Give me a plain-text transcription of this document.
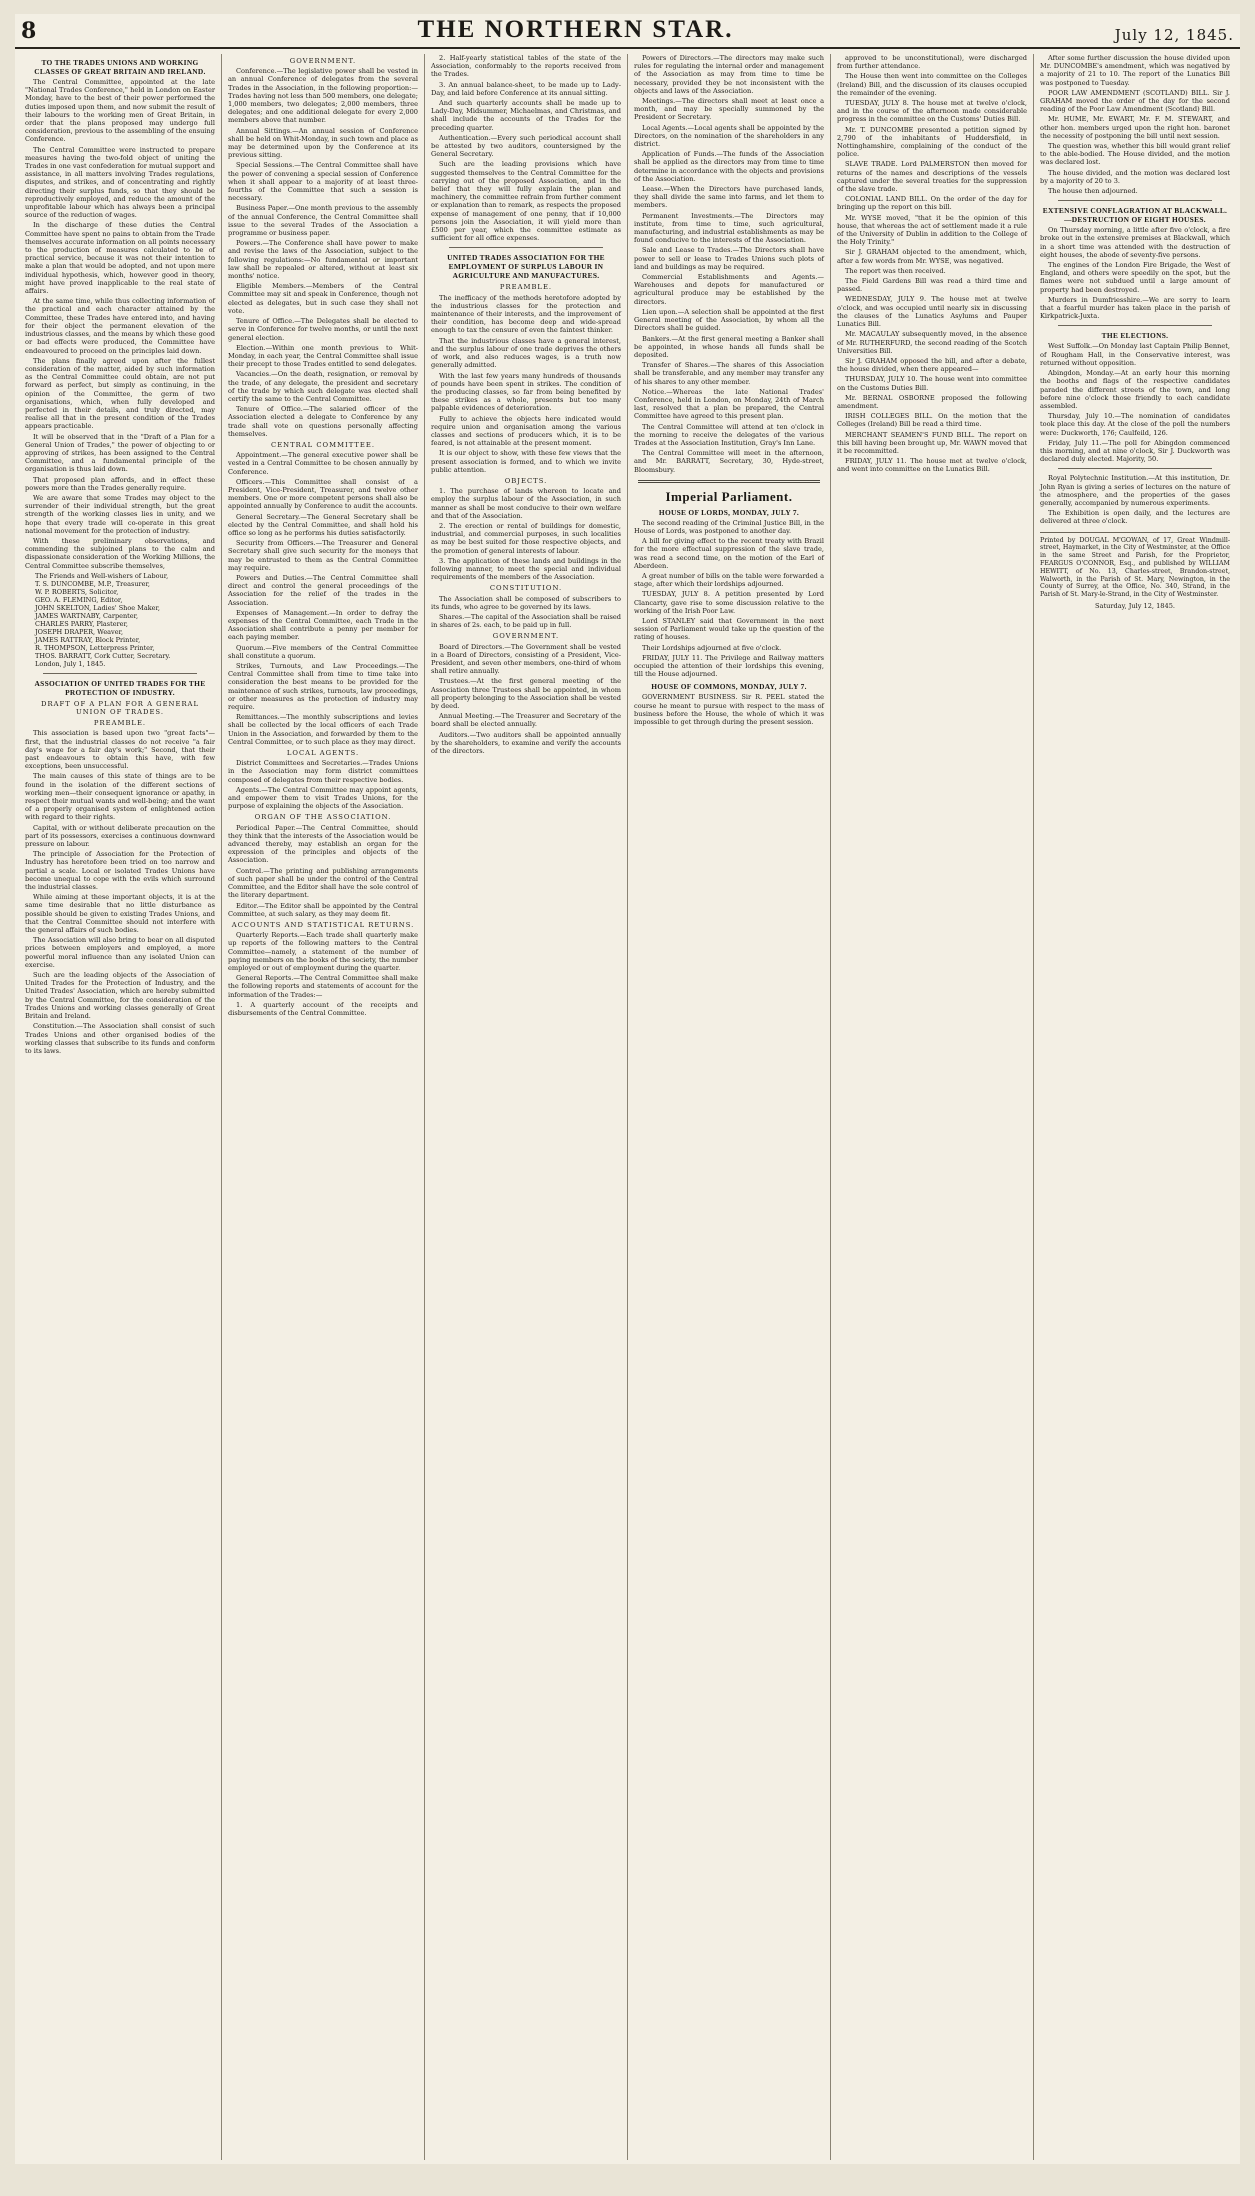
8	THE NORTHERN STAR.	July 12, 1845.
TO THE TRADES UNIONS AND WORKING CLASSES OF GREAT BRITAIN AND IRELAND.

The Central Committee, appointed at the late "National Trades Conference," held in London on Easter Monday, have to the best of their power performed the duties imposed upon them, and now submit the result of their labours to the working men of Great Britain, in order that the plans proposed may undergo full consideration, previous to the assembling of the ensuing Conference.

The Central Committee were instructed to prepare measures having the two-fold object of uniting the Trades in one vast confederation for mutual support and assistance, in all matters involving Trades regulations, disputes, and strikes, and of concentrating and rightly directing their surplus funds, so that they should be reproductively employed, and reduce the amount of the unprofitable labour which has always been a principal source of the reduction of wages.

In the discharge of these duties the Central Committee have spent no pains to obtain from the Trade themselves accurate information on all points necessary to the production of measures calculated to be of practical service, because it was not their intention to make a plan that would be adopted, and not upon mere individual hypothesis, which, however good in theory, might have proved inapplicable to the real state of affairs.

At the same time, while thus collecting information of the practical and each character attained by the Committee, these Trades have entered into, and having for their object the permanent elevation of the industrious classes, and the means by which these good or bad effects were produced, the Committee have endeavoured to proceed on the principles laid down.

The plans finally agreed upon after the fullest consideration of the matter, aided by such information as the Central Committee could obtain, are not put forward as perfect, but simply as continuing, in the opinion of the Committee, the germ of two organisations, which, when fully developed and perfected in their details, and truly directed, may realise all that in the present condition of the Trades appears practicable.

It will be observed that in the "Draft of a Plan for a General Union of Trades," the power of objecting to or approving of strikes, has been assigned to the Central Committee, and a fundamental principle of the organisation is thus laid down.

That proposed plan affords, and in effect these powers more than the Trades generally require.

We are aware that some Trades may object to the surrender of their individual strength, but the great strength of the working classes lies in unity, and we hope that every trade will co-operate in this great national movement for the protection of industry.

With these preliminary observations, and commending the subjoined plans to the calm and dispassionate consideration of the Working Millions, the Central Committee subscribe themselves,

The Friends and Well-wishers of Labour,
T. S. DUNCOMBE, M.P., Treasurer,
W. P. ROBERTS, Solicitor,
GEO. A. FLEMING, Editor,
JOHN SKELTON, Ladies' Shoe Maker,
JAMES WARTNABY, Carpenter,
CHARLES PARRY, Plasterer,
JOSEPH DRAPER, Weaver,
JAMES RATTRAY, Block Printer,
R. THOMPSON, Letterpress Printer,
THOS. BARRATT, Cork Cutter, Secretary.
London, July 1, 1845.
ASSOCIATION OF UNITED TRADES FOR THE PROTECTION OF INDUSTRY.
DRAFT OF A PLAN FOR A GENERAL UNION OF TRADES.
PREAMBLE.

This association is based upon two "great facts"—first, that the industrial classes do not receive "a fair day's wage for a fair day's work;" Second, that their past endeavours to obtain this have, with few exceptions, been unsuccessful.

The main causes of this state of things are to be found in the isolation of the different sections of working men—their consequent ignorance or apathy, in respect their mutual wants and well-being; and the want of a properly organised system of enlightened action with regard to their rights.

Capital, with or without deliberate precaution on the part of its possessors, exercises a continuous downward pressure on labour.

The principle of Association for the Protection of Industry has heretofore been tried on too narrow and partial a scale. Local or isolated Trades Unions have become unequal to cope with the evils which surround the industrial classes.

While aiming at these important objects, it is at the same time desirable that no little disturbance as possible should be given to existing Trades Unions, and that the Central Committee should not interfere with the general affairs of such bodies.

The Association will also bring to bear on all disputed prices between employers and employed, a more powerful moral influence than any isolated Union can exercise.

Such are the leading objects of the Association of United Trades for the Protection of Industry, and the United Trades' Association, which are hereby submitted by the Central Committee, for the consideration of the Trades Unions and working classes generally of Great Britain and Ireland.

Constitution.—The Association shall consist of such Trades Unions and other organised bodies of the working classes that subscribe to its funds and conform to its laws.

GOVERNMENT.

Conference.—The legislative power shall be vested in an annual Conference of delegates from the several Trades in the Association, in the following proportion:—Trades having not less than 500 members, one delegate; 1,000 members, two delegates; 2,000 members, three delegates; and one additional delegate for every 2,000 members above that number.

Annual Sittings.—An annual session of Conference shall be held on Whit-Monday, in such town and place as may be determined upon by the Conference at its previous sitting.

Special Sessions.—The Central Committee shall have the power of convening a special session of Conference when it shall appear to a majority of at least three-fourths of the Committee that such a session is necessary.

Business Paper.—One month previous to the assembly of the annual Conference, the Central Committee shall issue to the several Trades of the Association a programme or business paper.

Powers.—The Conference shall have power to make and revise the laws of the Association, subject to the following regulations:—No fundamental or important law shall be repealed or altered, without at least six months' notice.

Eligible Members.—Members of the Central Committee may sit and speak in Conference, though not elected as delegates, but in such case they shall not vote.

Tenure of Office.—The Delegates shall be elected to serve in Conference for twelve months, or until the next general election.

Election.—Within one month previous to Whit-Monday, in each year, the Central Committee shall issue their precept to those Trades entitled to send delegates.

Vacancies.—On the death, resignation, or removal by the trade, of any delegate, the president and secretary of the trade by which such delegate was elected shall certify the same to the Central Committee.

Tenure of Office.—The salaried officer of the Association elected a delegate to Conference by any trade shall vote on questions personally affecting themselves.

CENTRAL COMMITTEE.

Appointment.—The general executive power shall be vested in a Central Committee to be chosen annually by Conference.

Officers.—This Committee shall consist of a President, Vice-President, Treasurer, and twelve other members. One or more competent persons shall also be appointed annually by Conference to audit the accounts.

General Secretary.—The General Secretary shall be elected by the Central Committee, and shall hold his office so long as he performs his duties satisfactorily.

Security from Officers.—The Treasurer and General Secretary shall give such security for the moneys that may be entrusted to them as the Central Committee may require.

Powers and Duties.—The Central Committee shall direct and control the general proceedings of the Association for the relief of the trades in the Association.

Expenses of Management.—In order to defray the expenses of the Central Committee, each Trade in the Association shall contribute a penny per member for each paying member.

Quorum.—Five members of the Central Committee shall constitute a quorum.

Strikes, Turnouts, and Law Proceedings.—The Central Committee shall from time to time take into consideration the best means to be provided for the maintenance of such strikes, turnouts, law proceedings, or other measures as the protection of industry may require.

Remittances.—The monthly subscriptions and levies shall be collected by the local officers of each Trade Union in the Association, and forwarded by them to the Central Committee, or to such place as they may direct.

LOCAL AGENTS.

District Committees and Secretaries.—Trades Unions in the Association may form district committees composed of delegates from their respective bodies.

Agents.—The Central Committee may appoint agents, and empower them to visit Trades Unions, for the purpose of explaining the objects of the Association.

ORGAN OF THE ASSOCIATION.

Periodical Paper.—The Central Committee, should they think that the interests of the Association would be advanced thereby, may establish an organ for the expression of the principles and objects of the Association.

Control.—The printing and publishing arrangements of such paper shall be under the control of the Central Committee, and the Editor shall have the sole control of the literary department.

Editor.—The Editor shall be appointed by the Central Committee, at such salary, as they may deem fit.

ACCOUNTS AND STATISTICAL RETURNS.

Quarterly Reports.—Each trade shall quarterly make up reports of the following matters to the Central Committee—namely, a statement of the number of paying members on the books of the society, the number employed or out of employment during the quarter.

General Reports.—The Central Committee shall make the following reports and statements of account for the information of the Trades:—

1. A quarterly account of the receipts and disbursements of the Central Committee.

2. Half-yearly statistical tables of the state of the Association, conformably to the reports received from the Trades.

3. An annual balance-sheet, to be made up to Lady-Day, and laid before Conference at its annual sitting.

And such quarterly accounts shall be made up to Lady-Day, Midsummer, Michaelmas, and Christmas, and shall include the accounts of the Trades for the preceding quarter.

Authentication.—Every such periodical account shall be attested by two auditors, countersigned by the General Secretary.

Such are the leading provisions which have suggested themselves to the Central Committee for the carrying out of the proposed Association, and in the belief that they will fully explain the plan and machinery, the committee refrain from further comment or explanation than to remark, as respects the proposed expense of management of one penny, that if 10,000 persons join the Association, it will yield more than £500 per year, which the committee estimate as sufficient for all office expenses.

UNITED TRADES ASSOCIATION FOR THE EMPLOYMENT OF SURPLUS LABOUR IN AGRICULTURE AND MANUFACTURES.
PREAMBLE.

The inefficacy of the methods heretofore adopted by the industrious classes for the protection and maintenance of their interests, and the improvement of their condition, has become deep and wide-spread enough to tax the censure of even the faintest thinker.

That the industrious classes have a general interest, and the surplus labour of one trade deprives the others of work, and also reduces wages, is a truth now generally admitted.

With the last few years many hundreds of thousands of pounds have been spent in strikes. The condition of the producing classes, so far from being benefited by these strikes as a whole, presents but too many palpable evidences of deterioration.

Fully to achieve the objects here indicated would require union and organisation among the various classes and sections of producers which, it is to be feared, is not attainable at the present moment.

It is our object to show, with these few views that the present association is formed, and to which we invite public attention.

OBJECTS.

1. The purchase of lands whereon to locate and employ the surplus labour of the Association, in such manner as shall be most conducive to their own welfare and that of the Association.

2. The erection or rental of buildings for domestic, industrial, and commercial purposes, in such localities as may be best suited for those respective objects, and the promotion of general interests of labour.

3. The application of these lands and buildings in the following manner, to meet the special and individual requirements of the members of the Association.

CONSTITUTION.

The Association shall be composed of subscribers to its funds, who agree to be governed by its laws.

Shares.—The capital of the Association shall be raised in shares of 2s. each, to be paid up in full.

GOVERNMENT.

Board of Directors.—The Government shall be vested in a Board of Directors, consisting of a President, Vice-President, and seven other members, one-third of whom shall retire annually.

Trustees.—At the first general meeting of the Association three Trustees shall be appointed, in whom all property belonging to the Association shall be vested by deed.

Annual Meeting.—The Treasurer and Secretary of the board shall be elected annually.

Auditors.—Two auditors shall be appointed annually by the shareholders, to examine and verify the accounts of the directors.

Powers of Directors.—The directors may make such rules for regulating the internal order and management of the Association as may from time to time be necessary, provided they be not inconsistent with the objects and laws of the Association.

Meetings.—The directors shall meet at least once a month, and may be specially summoned by the President or Secretary.

Local Agents.—Local agents shall be appointed by the Directors, on the nomination of the shareholders in any district.

Application of Funds.—The funds of the Association shall be applied as the directors may from time to time determine in accordance with the objects and provisions of the Association.

Lease.—When the Directors have purchased lands, they shall divide the same into farms, and let them to members.

Permanent Investments.—The Directors may institute, from time to time, such agricultural, manufacturing, and industrial establishments as may be found conducive to the interests of the Association.

Sale and Lease to Trades.—The Directors shall have power to sell or lease to Trades Unions such plots of land and buildings as may be required.

Commercial Establishments and Agents.—Warehouses and depots for manufactured or agricultural produce may be established by the directors.

Lien upon.—A selection shall be appointed at the first General meeting of the Association, by whom all the Directors shall be guided.

Bankers.—At the first general meeting a Banker shall be appointed, in whose hands all funds shall be deposited.

Transfer of Shares.—The shares of this Association shall be transferable, and any member may transfer any of his shares to any other member.

Notice.—Whereas the late National Trades' Conference, held in London, on Monday, 24th of March last, resolved that a plan be prepared, the Central Committee have agreed to this present plan.

The Central Committee will attend at ten o'clock in the morning to receive the delegates of the various Trades at the Association Institution, Gray's Inn Lane.

The Central Committee will meet in the afternoon, and Mr. BARRATT, Secretary, 30, Hyde-street, Bloomsbury.

Imperial Parliament.
HOUSE OF LORDS, MONDAY, JULY 7.

The second reading of the Criminal Justice Bill, in the House of Lords, was postponed to another day.

A bill for giving effect to the recent treaty with Brazil for the more effectual suppression of the slave trade, was read a second time, on the motion of the Earl of Aberdeen.

A great number of bills on the table were forwarded a stage, after which their lordships adjourned.

TUESDAY, JULY 8. A petition presented by Lord Clancarty, gave rise to some discussion relative to the working of the Irish Poor Law.

Lord STANLEY said that Government in the next session of Parliament would take up the question of the rating of houses.

Their Lordships adjourned at five o'clock.

FRIDAY, JULY 11. The Privilege and Railway matters occupied the attention of their lordships this evening, till the House adjourned.

HOUSE OF COMMONS, MONDAY, JULY 7.

GOVERNMENT BUSINESS. Sir R. PEEL stated the course he meant to pursue with respect to the mass of business before the House, the whole of which it was impossible to get through during the present session.

approved to be unconstitutional), were discharged from further attendance.

The House then went into committee on the Colleges (Ireland) Bill, and the discussion of its clauses occupied the remainder of the evening.

TUESDAY, JULY 8. The house met at twelve o'clock, and in the course of the afternoon made considerable progress in the committee on the Customs' Duties Bill.

Mr. T. DUNCOMBE presented a petition signed by 2,790 of the inhabitants of Huddersfield, in Nottinghamshire, complaining of the conduct of the police.

SLAVE TRADE. Lord PALMERSTON then moved for returns of the names and descriptions of the vessels captured under the several treaties for the suppression of the slave trade.

COLONIAL LAND BILL. On the order of the day for bringing up the report on this bill.

Mr. WYSE moved, "that it be the opinion of this house, that whereas the act of settlement made it a rule of the University of Dublin in addition to the College of the Holy Trinity."

Sir J. GRAHAM objected to the amendment, which, after a few words from Mr. WYSE, was negatived.

The report was then received.

The Field Gardens Bill was read a third time and passed.

WEDNESDAY, JULY 9. The house met at twelve o'clock, and was occupied until nearly six in discussing the clauses of the Lunatics Asylums and Pauper Lunatics Bill.

Mr. MACAULAY subsequently moved, in the absence of Mr. RUTHERFURD, the second reading of the Scotch Universities Bill.

Sir J. GRAHAM opposed the bill, and after a debate, the house divided, when there appeared—

THURSDAY, JULY 10. The house went into committee on the Customs Duties Bill.

Mr. BERNAL OSBORNE proposed the following amendment.

IRISH COLLEGES BILL. On the motion that the Colleges (Ireland) Bill be read a third time.

MERCHANT SEAMEN'S FUND BILL. The report on this bill having been brought up, Mr. WAWN moved that it be recommitted.

FRIDAY, JULY 11. The house met at twelve o'clock, and went into committee on the Lunatics Bill.

After some further discussion the house divided upon Mr. DUNCOMBE's amendment, which was negatived by a majority of 21 to 10. The report of the Lunatics Bill was postponed to Tuesday.

POOR LAW AMENDMENT (SCOTLAND) BILL. Sir J. GRAHAM moved the order of the day for the second reading of the Poor Law Amendment (Scotland) Bill.

Mr. HUME, Mr. EWART, Mr. F. M. STEWART, and other hon. members urged upon the right hon. baronet the necessity of postponing the bill until next session.

The question was, whether this bill would grant relief to the able-bodied. The House divided, and the motion was declared lost.

The house divided, and the motion was declared lost by a majority of 20 to 3.

The house then adjourned.

EXTENSIVE CONFLAGRATION AT BLACKWALL.—DESTRUCTION OF EIGHT HOUSES.

On Thursday morning, a little after five o'clock, a fire broke out in the extensive premises at Blackwall, which in a short time was attended with the destruction of eight houses, the abode of seventy-five persons.

The engines of the London Fire Brigade, the West of England, and others were speedily on the spot, but the flames were not subdued until a large amount of property had been destroyed.

Murders in Dumfriesshire.—We are sorry to learn that a fearful murder has taken place in the parish of Kirkpatrick-Juxta.

THE ELECTIONS.

West Suffolk.—On Monday last Captain Philip Bennet, of Rougham Hall, in the Conservative interest, was returned without opposition.

Abingdon, Monday.—At an early hour this morning the booths and flags of the respective candidates paraded the different streets of the town, and long before nine o'clock those friendly to each candidate assembled.

Thursday, July 10.—The nomination of candidates took place this day. At the close of the poll the numbers were: Duckworth, 176; Caulfeild, 126.

Friday, July 11.—The poll for Abingdon commenced this morning, and at nine o'clock, Sir J. Duckworth was declared duly elected. Majority, 50.

Royal Polytechnic Institution.—At this institution, Dr. John Ryan is giving a series of lectures on the nature of the atmosphere, and the properties of the gases generally, accompanied by numerous experiments.

The Exhibition is open daily, and the lectures are delivered at three o'clock.

Printed by DOUGAL M'GOWAN, of 17, Great Windmill-street, Haymarket, in the City of Westminster, at the Office in the same Street and Parish, for the Proprietor, FEARGUS O'CONNOR, Esq., and published by WILLIAM HEWITT, of No. 13, Charles-street, Brandon-street, Walworth, in the Parish of St. Mary, Newington, in the County of Surrey, at the Office, No. 340, Strand, in the Parish of St. Mary-le-Strand, in the City of Westminster.
Saturday, July 12, 1845.
